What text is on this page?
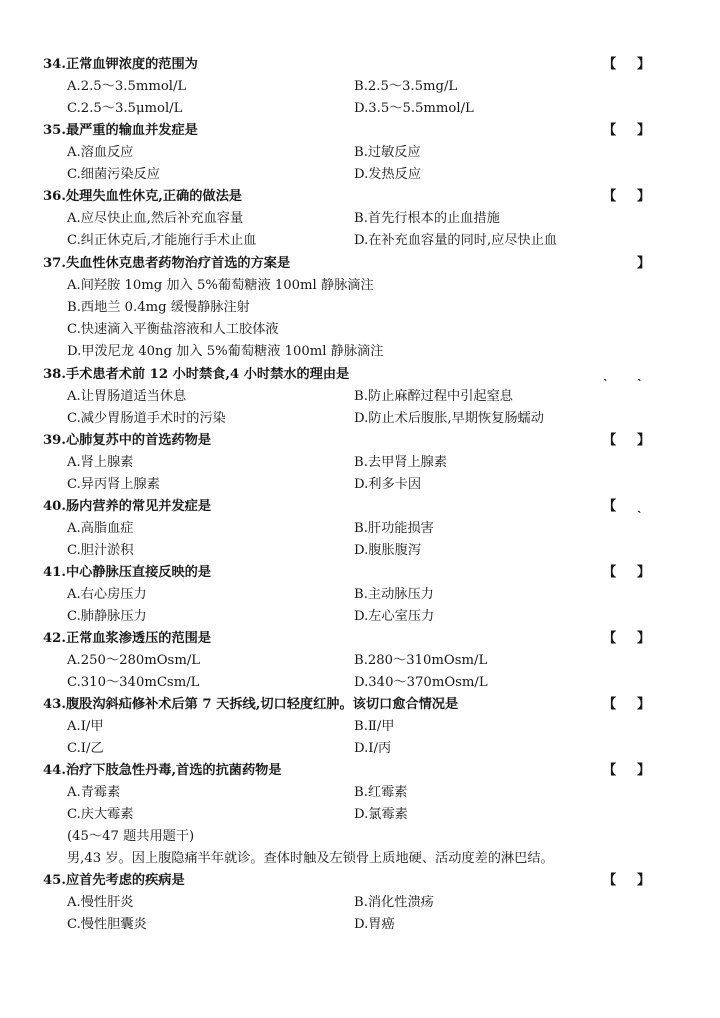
34.正常血钾浓度的范围为	【 】
A.2.5～3.5mmol/L	B.2.5～3.5mg/L
C.2.5～3.5μmol/L	D.3.5～5.5mmol/L
35.最严重的输血并发症是	【 】
A.溶血反应	B.过敏反应
C.细菌污染反应	D.发热反应
36.处理失血性休克,正确的做法是	【 】
A.应尽快止血,然后补充血容量	B.首先行根本的止血措施
C.纠正休克后,才能施行手术止血	D.在补充血容量的同时,应尽快止血
37.失血性休克患者药物治疗首选的方案是	】
A.间羟胺 10mg 加入 5%葡萄糖液 100ml 静脉滴注
B.西地兰 0.4mg 缓慢静脉注射
C.快速滴入平衡盐溶液和人工胶体液
D.甲泼尼龙 40ng 加入 5%葡萄糖液 100ml 静脉滴注
38.手术患者术前 12 小时禁食,4 小时禁水的理由是	ˎ ˎ
A.让胃肠道适当休息	B.防止麻醉过程中引起窒息
C.减少胃肠道手术时的污染	D.防止术后腹胀,早期恢复肠蠕动
39.心肺复苏中的首选药物是	【 】
A.肾上腺素	B.去甲肾上腺素
C.异丙肾上腺素	D.利多卡因
40.肠内营养的常见并发症是	【 ˎ
A.高脂血症	B.肝功能损害
C.胆汁淤积	D.腹胀腹泻
41.中心静脉压直接反映的是	【 】
A.右心房压力	B.主动脉压力
C.肺静脉压力	D.左心室压力
42.正常血浆渗透压的范围是	【 】
A.250～280mOsm/L	B.280～310mOsm/L
C.310～340mCsm/L	D.340～370mOsm/L
43.腹股沟斜疝修补术后第 7 天拆线,切口轻度红肿。该切口愈合情况是	【 】
A.Ⅰ/甲	B.Ⅱ/甲
C.Ⅰ/乙	D.Ⅰ/丙
44.治疗下肢急性丹毒,首选的抗菌药物是	【 】
A.青霉素	B.红霉素
C.庆大霉素	D.氯霉素
(45～47 题共用题干)
男,43 岁。因上腹隐痛半年就诊。查体时触及左锁骨上质地硬、活动度差的淋巴结。
45.应首先考虑的疾病是	【 】
A.慢性肝炎	B.消化性溃疡
C.慢性胆囊炎	D.胃癌
